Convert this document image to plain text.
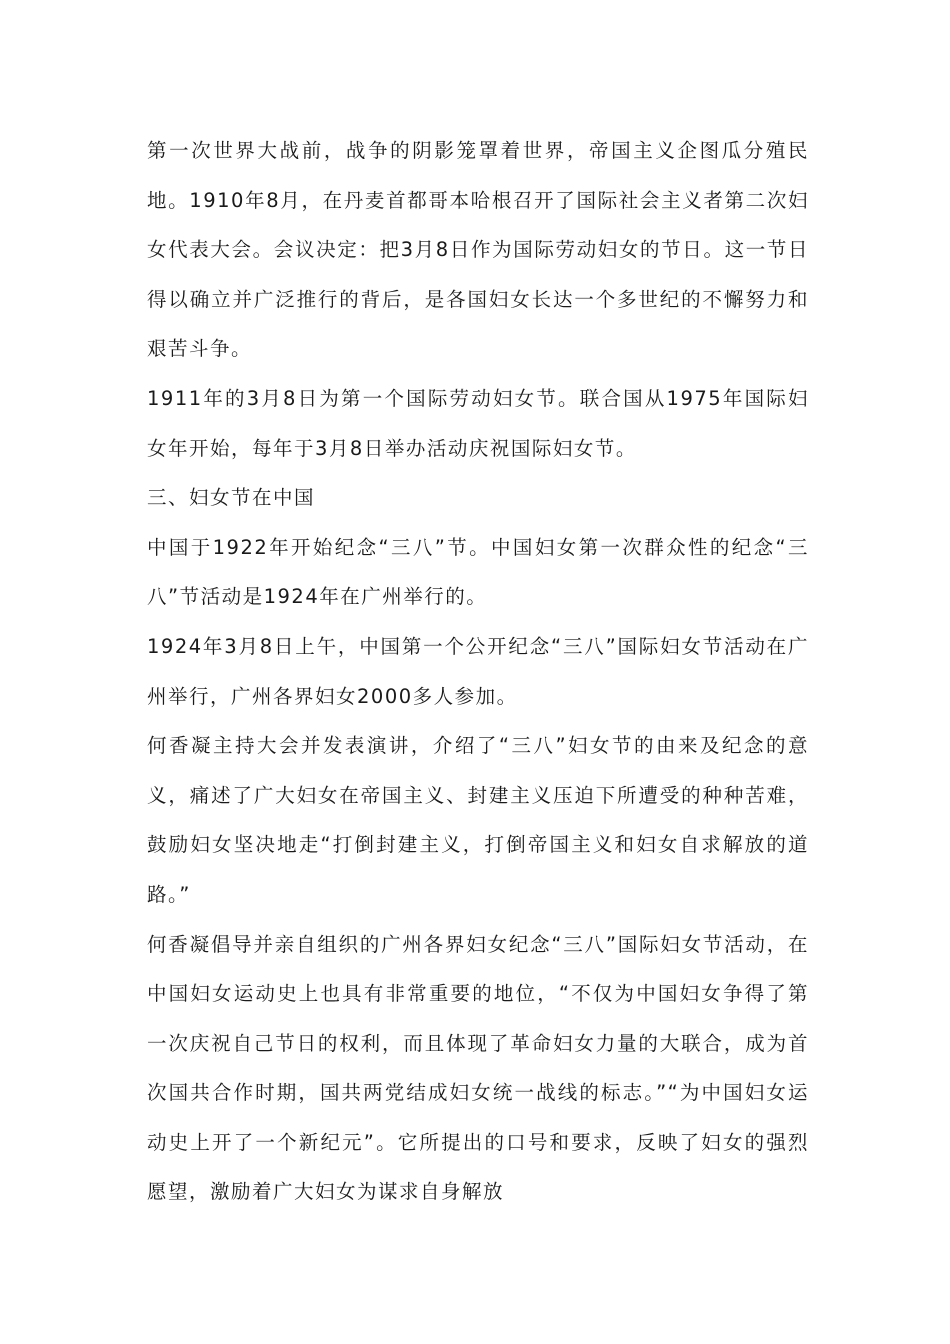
第一次世界大战前，战争的阴影笼罩着世界，帝国主义企图瓜分殖民地。1910年8月，在丹麦首都哥本哈根召开了国际社会主义者第二次妇女代表大会。会议决定：把3月8日作为国际劳动妇女的节日。这一节日得以确立并广泛推行的背后，是各国妇女长达一个多世纪的不懈努力和艰苦斗争。

1911年的3月8日为第一个国际劳动妇女节。联合国从1975年国际妇女年开始，每年于3月8日举办活动庆祝国际妇女节。

三、妇女节在中国

中国于1922年开始纪念“三八”节。中国妇女第一次群众性的纪念“三八”节活动是1924年在广州举行的。

1924年3月8日上午，中国第一个公开纪念“三八”国际妇女节活动在广州举行，广州各界妇女2000多人参加。

何香凝主持大会并发表演讲，介绍了“三八”妇女节的由来及纪念的意义，痛述了广大妇女在帝国主义、封建主义压迫下所遭受的种种苦难，鼓励妇女坚决地走“打倒封建主义，打倒帝国主义和妇女自求解放的道路。”

何香凝倡导并亲自组织的广州各界妇女纪念“三八”国际妇女节活动，在中国妇女运动史上也具有非常重要的地位，“不仅为中国妇女争得了第一次庆祝自己节日的权利，而且体现了革命妇女力量的大联合，成为首次国共合作时期，国共两党结成妇女统一战线的标志。”“为中国妇女运动史上开了一个新纪元”。它所提出的口号和要求，反映了妇女的强烈愿望，激励着广大妇女为谋求自身解放
